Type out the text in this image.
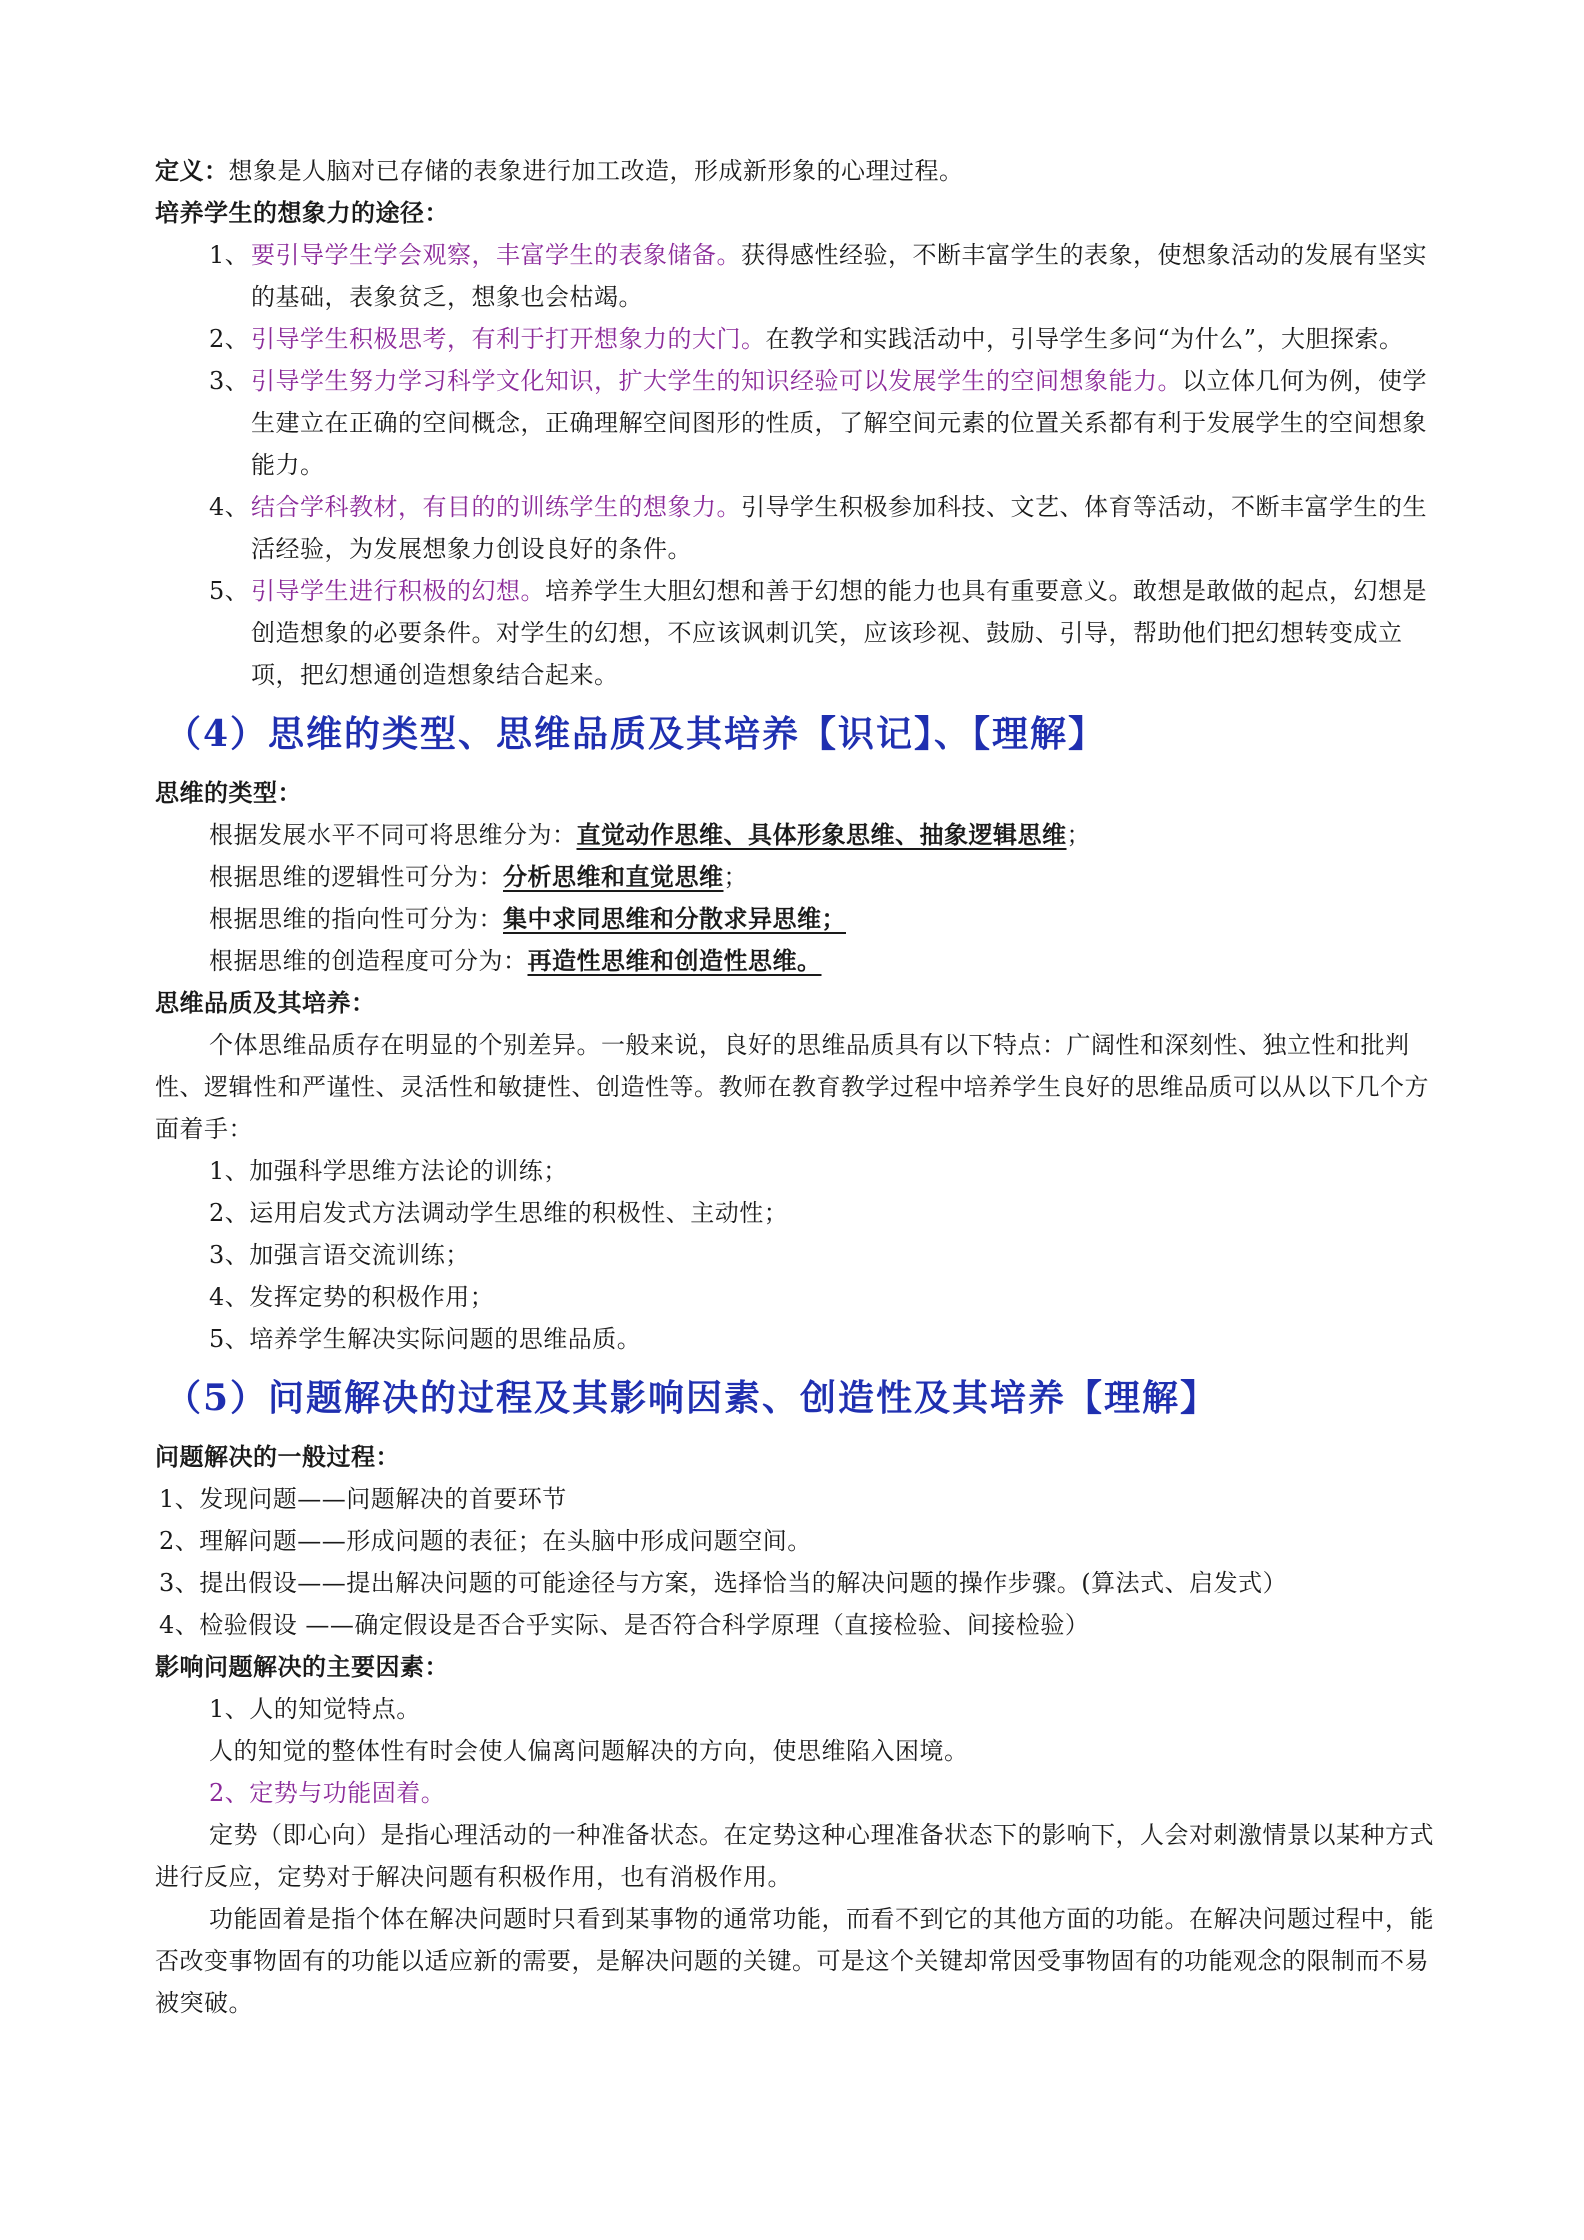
定义：想象是人脑对已存储的表象进行加工改造，形成新形象的心理过程。

培养学生的想象力的途径：

1、 要引导学生学会观察，丰富学生的表象储备。获得感性经验，不断丰富学生的表象，使想象活动的发展有坚实的基础，表象贫乏，想象也会枯竭。
2、 引导学生积极思考，有利于打开想象力的大门。在教学和实践活动中，引导学生多问“为什么”，大胆探索。
3、 引导学生努力学习科学文化知识，扩大学生的知识经验可以发展学生的空间想象能力。以立体几何为例，使学生建立在正确的空间概念，正确理解空间图形的性质，了解空间元素的位置关系都有利于发展学生的空间想象能力。
4、 结合学科教材，有目的的训练学生的想象力。引导学生积极参加科技、文艺、体育等活动，不断丰富学生的生活经验，为发展想象力创设良好的条件。
5、 引导学生进行积极的幻想。培养学生大胆幻想和善于幻想的能力也具有重要意义。敢想是敢做的起点，幻想是创造想象的必要条件。对学生的幻想，不应该讽刺讥笑，应该珍视、鼓励、引导，帮助他们把幻想转变成立项，把幻想通创造想象结合起来。
（4）思维的类型、思维品质及其培养【识记】、【理解】

思维的类型：

根据发展水平不同可将思维分为：直觉动作思维、具体形象思维、抽象逻辑思维；

根据思维的逻辑性可分为：分析思维和直觉思维；

根据思维的指向性可分为：集中求同思维和分散求异思维；

根据思维的创造程度可分为：再造性思维和创造性思维。

思维品质及其培养：

个体思维品质存在明显的个别差异。一般来说，良好的思维品质具有以下特点：广阔性和深刻性、独立性和批判性、逻辑性和严谨性、灵活性和敏捷性、创造性等。教师在教育教学过程中培养学生良好的思维品质可以从以下几个方面着手：

1、加强科学思维方法论的训练；

2、运用启发式方法调动学生思维的积极性、主动性；

3、加强言语交流训练；

4、发挥定势的积极作用；

5、培养学生解决实际问题的思维品质。

（5）问题解决的过程及其影响因素、创造性及其培养【理解】

问题解决的一般过程：

1、发现问题——问题解决的首要环节

2、理解问题——形成问题的表征；在头脑中形成问题空间。

3、提出假设——提出解决问题的可能途径与方案，选择恰当的解决问题的操作步骤。(算法式、启发式）

4、检验假设 ——确定假设是否合乎实际、是否符合科学原理（直接检验、间接检验）

影响问题解决的主要因素：

1、人的知觉特点。

人的知觉的整体性有时会使人偏离问题解决的方向，使思维陷入困境。

2、定势与功能固着。

定势（即心向）是指心理活动的一种准备状态。在定势这种心理准备状态下的影响下，人会对刺激情景以某种方式进行反应，定势对于解决问题有积极作用，也有消极作用。

功能固着是指个体在解决问题时只看到某事物的通常功能，而看不到它的其他方面的功能。在解决问题过程中，能否改变事物固有的功能以适应新的需要，是解决问题的关键。可是这个关键却常因受事物固有的功能观念的限制而不易被突破。
